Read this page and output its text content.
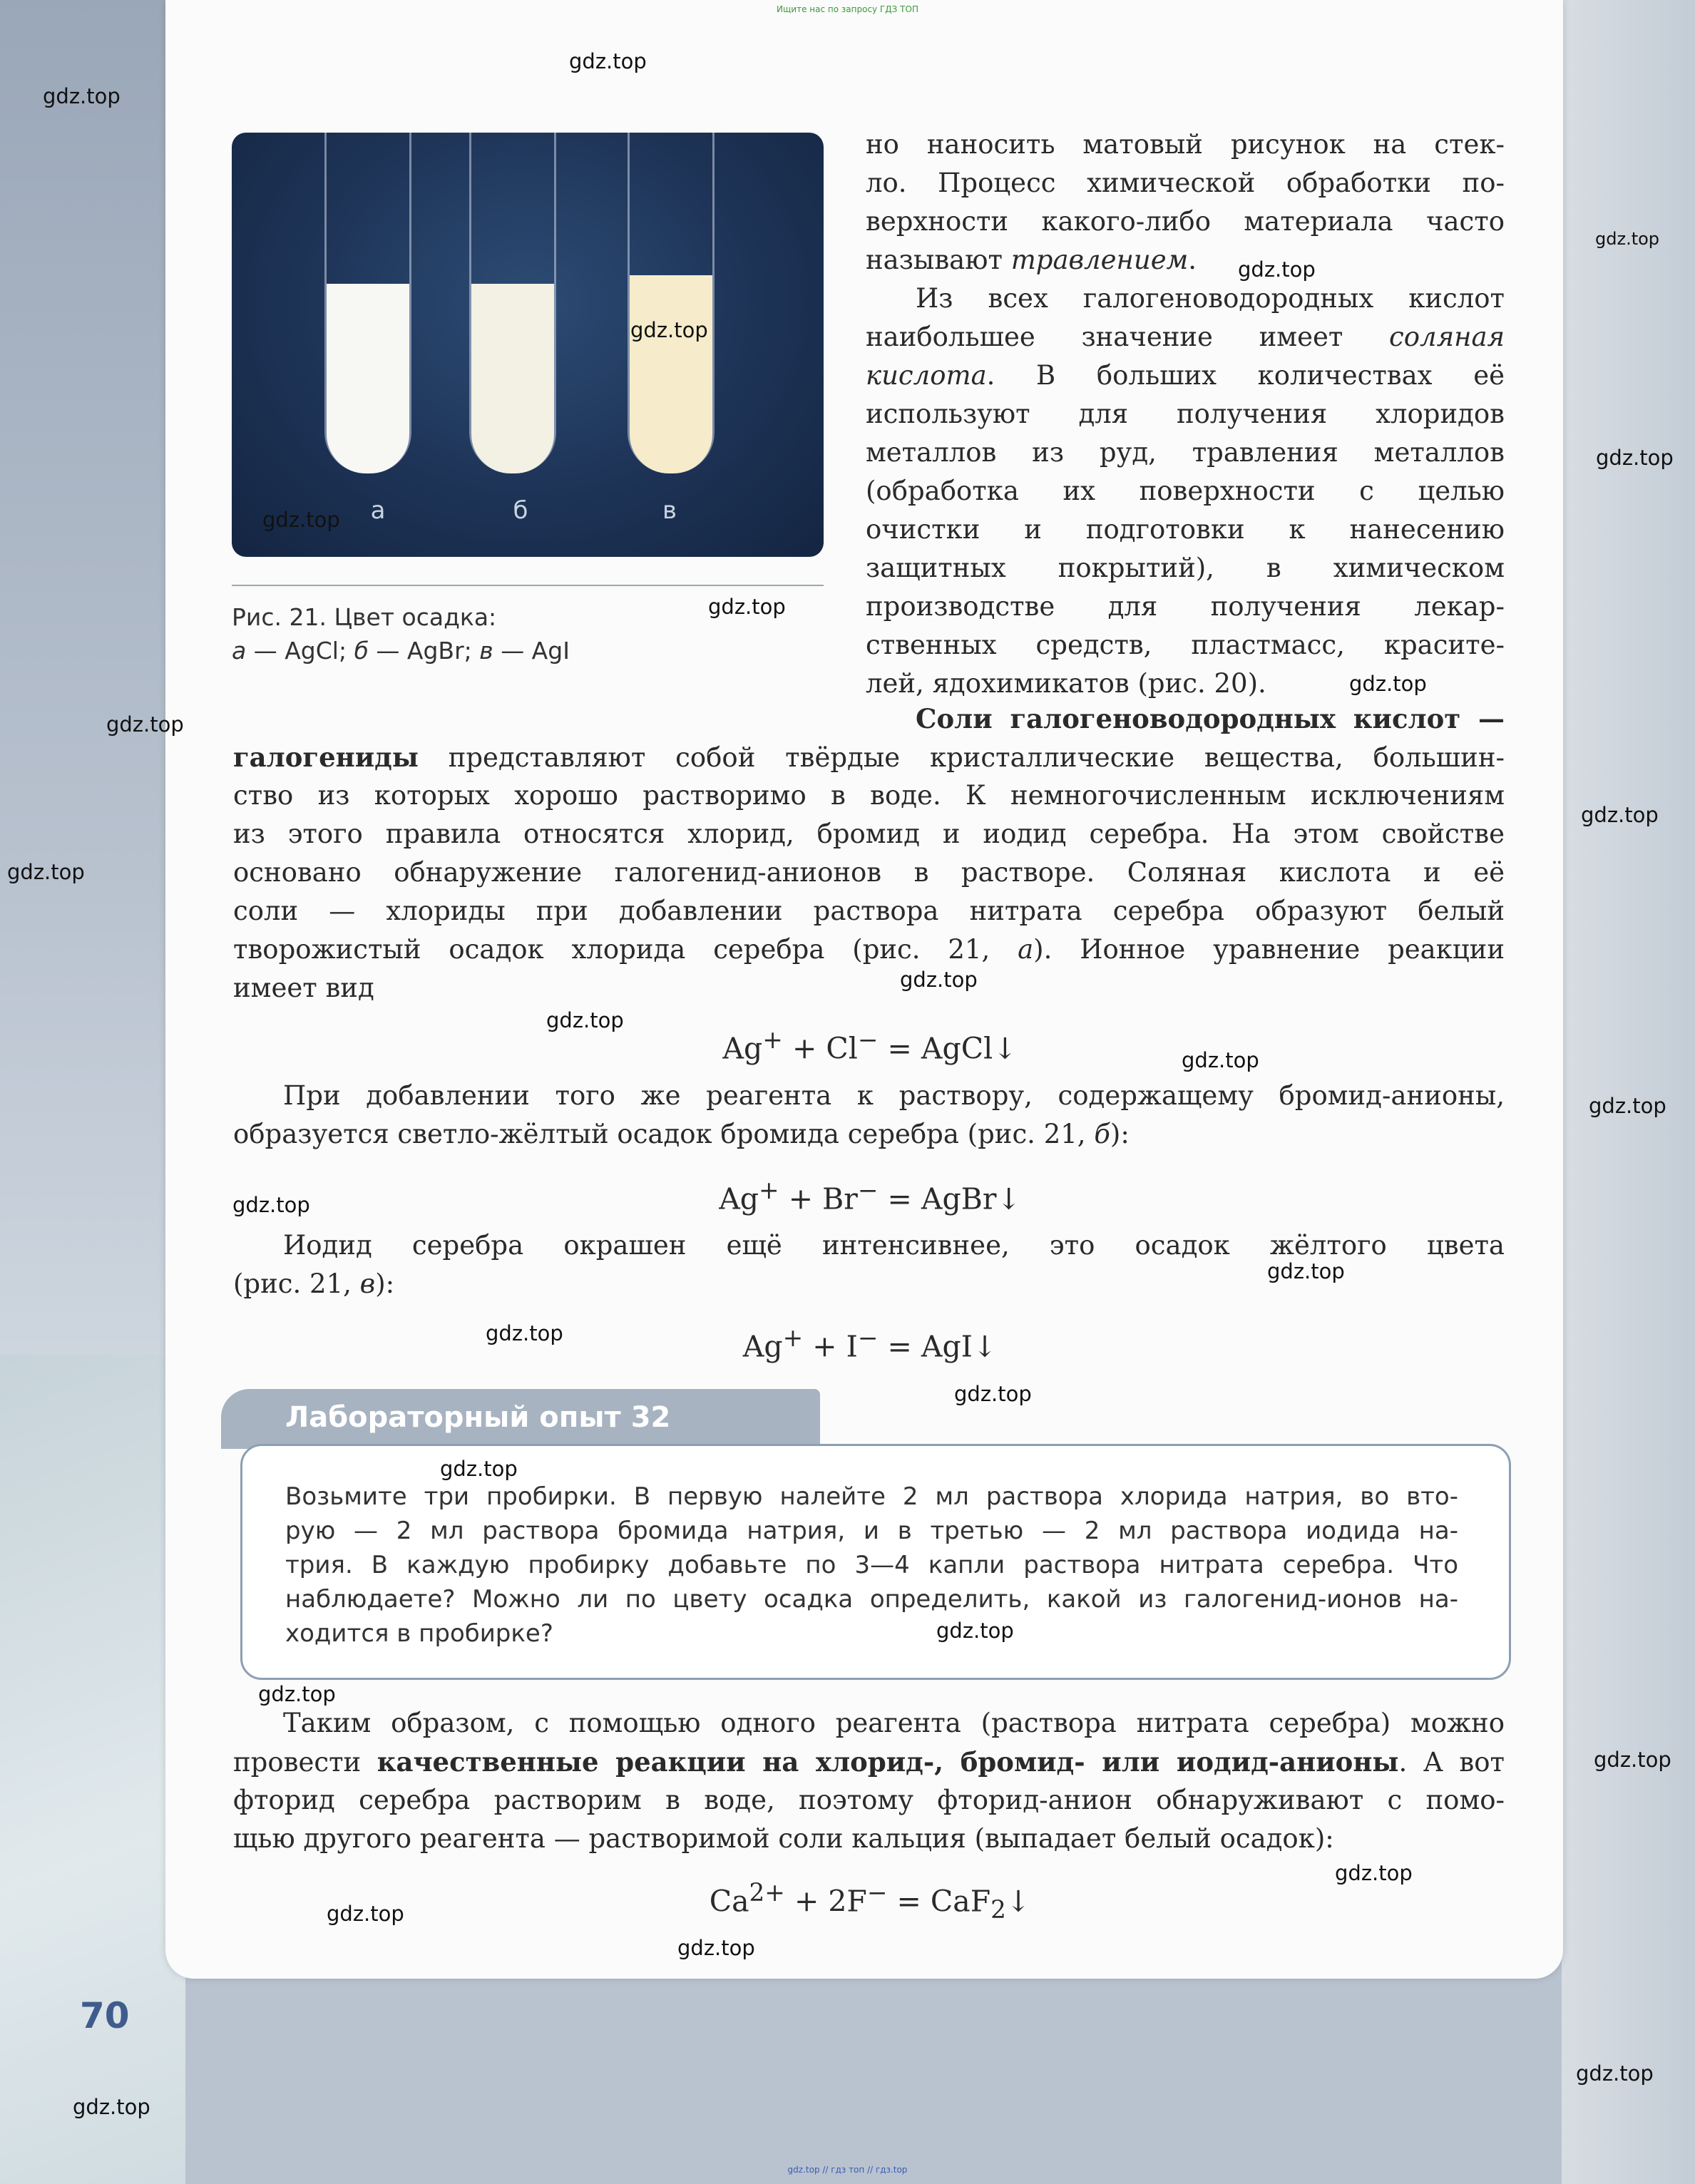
Ищите нас по запросу ГДЗ ТОП
а	б	в
Рис. 21. Цвет осадка:
а — AgCl; б — AgBr; в — AgI
но наносить матовый рисунок на стек-
ло. Процесс химической обработки по-
верхности какого-либо материала часто
называют травлением.
Из всех галогеноводородных кислот
наибольшее значение имеет соляная
кислота. В больших количествах её
используют для получения хлоридов
металлов из руд, травления металлов
(обработка их поверхности с целью
очистки и подготовки к нанесению
защитных покрытий), в химическом
производстве для получения лекар-
ственных средств, пластмасс, красите-
лей, ядохимикатов (рис. 20).
Соли галогеноводородных кислот —
галогениды представляют собой твёрдые кристаллические вещества, большин-
ство из которых хорошо растворимо в воде. К немногочисленным исключениям
из этого правила относятся хлорид, бромид и иодид серебра. На этом свойстве
основано обнаружение галогенид-анионов в растворе. Соляная кислота и её
соли — хлориды при добавлении раствора нитрата серебра образуют белый
творожистый осадок хлорида серебра (рис. 21, а). Ионное уравнение реакции
имеет вид
Ag+ + Cl− = AgCl↓
При добавлении того же реагента к раствору, содержащему бромид-анионы,
образуется светло-жёлтый осадок бромида серебра (рис. 21, б):
Ag+ + Br− = AgBr↓
Иодид серебра окрашен ещё интенсивнее, это осадок жёлтого цвета
(рис. 21, в):
Ag+ + I− = AgI↓
Лабораторный опыт 32
Возьмите три пробирки. В первую налейте 2 мл раствора хлорида натрия, во вто-
рую — 2 мл раствора бромида натрия, и в третью — 2 мл раствора иодида на-
трия. В каждую пробирку добавьте по 3—4 капли раствора нитрата серебра. Что
наблюдаете? Можно ли по цвету осадка определить, какой из галогенид-ионов на-
ходится в пробирке?
Таким образом, с помощью одного реагента (раствора нитрата серебра) можно
провести качественные реакции на хлорид-, бромид- или иодид-анионы. А вот
фторид серебра растворим в воде, поэтому фторид-анион обнаруживают с помо-
щью другого реагента — растворимой соли кальция (выпадает белый осадок):
$Ca^{2+} + 2F^-$ = CaF$_2$↓
70
gdz.top
gdz.top
gdz.top
gdz.top
gdz.top
gdz.top
gdz.top
gdz.top
gdz.top
gdz.top
gdz.top
gdz.top
gdz.top
gdz.top
gdz.top
gdz.top
gdz.top
gdz.top
gdz.top
gdz.top
gdz.top
gdz.top
gdz.top
gdz.top
gdz.top
gdz.top
gdz.top
gdz.top
gdz.top
gdz.top // гдз топ // гдз.top
